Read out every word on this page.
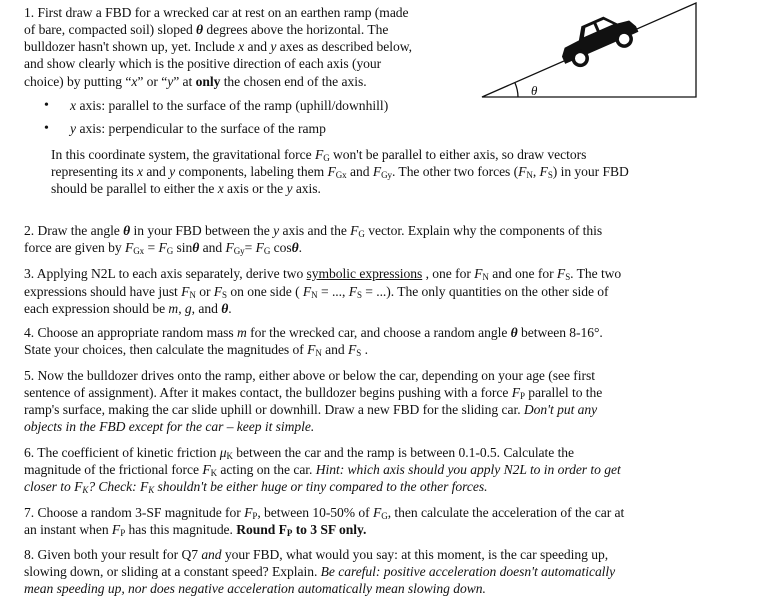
1. First draw a FBD for a wrecked car at rest on an earthen ramp (made
of bare, compacted soil) sloped θ degrees above the horizontal. The
bulldozer hasn't shown up, yet. Include x and y axes as described below,
and show clearly which is the positive direction of each axis (your
choice) by putting “x” or “y” at only the chosen end of the axis.
• x axis: parallel to the surface of the ramp (uphill/downhill)
• y axis: perpendicular to the surface of the ramp
In this coordinate system, the gravitational force $F_G$ won't be parallel to either axis, so draw vectors
representing its x and y components, labeling them $F_{Gx}$ and $F_{Gy}$. The other two forces ($F_N$, $F_S$) in your FBD
should be parallel to either the x axis or the y axis.
θ
2. Draw the angle θ in your FBD between the y axis and the $F_G$ vector. Explain why the components of this
force are given by $F_{Gx} = F_G$ sinθ and $F_{Gy}= F_G$ cosθ.
3. Applying N2L to each axis separately, derive two symbolic expressions , one for $F_N$ and one for $F_S$. The two
expressions should have just $F_N$ or $F_S$ on one side ( $F_N$ = ..., $F_S$ = ...). The only quantities on the other side of
each expression should be m, g, and θ.
4. Choose an appropriate random mass m for the wrecked car, and choose a random angle θ between 8-16°.
State your choices, then calculate the magnitudes of $F_N$ and $F_S$ .
5. Now the bulldozer drives onto the ramp, either above or below the car, depending on your age (see first
sentence of assignment). After it makes contact, the bulldozer begins pushing with a force $F_P$ parallel to the
ramp's surface, making the car slide uphill or downhill. Draw a new FBD for the sliding car. Don't put any
objects in the FBD except for the car – keep it simple.
6. The coefficient of kinetic friction $\mu_K$ between the car and the ramp is between 0.1-0.5. Calculate the
magnitude of the frictional force $F_K$ acting on the car. Hint: which axis should you apply N2L to in order to get
closer to $F_K$? Check: $F_K$ shouldn't be either huge or tiny compared to the other forces.
7. Choose a random 3-SF magnitude for $F_P$, between 10-50% of $F_G$, then calculate the acceleration of the car at
an instant when $F_P$ has this magnitude. Round $F_P$ to 3 SF only.
8. Given both your result for Q7 and your FBD, what would you say: at this moment, is the car speeding up,
slowing down, or sliding at a constant speed? Explain. Be careful: positive acceleration doesn't automatically
mean speeding up, nor does negative acceleration automatically mean slowing down.
